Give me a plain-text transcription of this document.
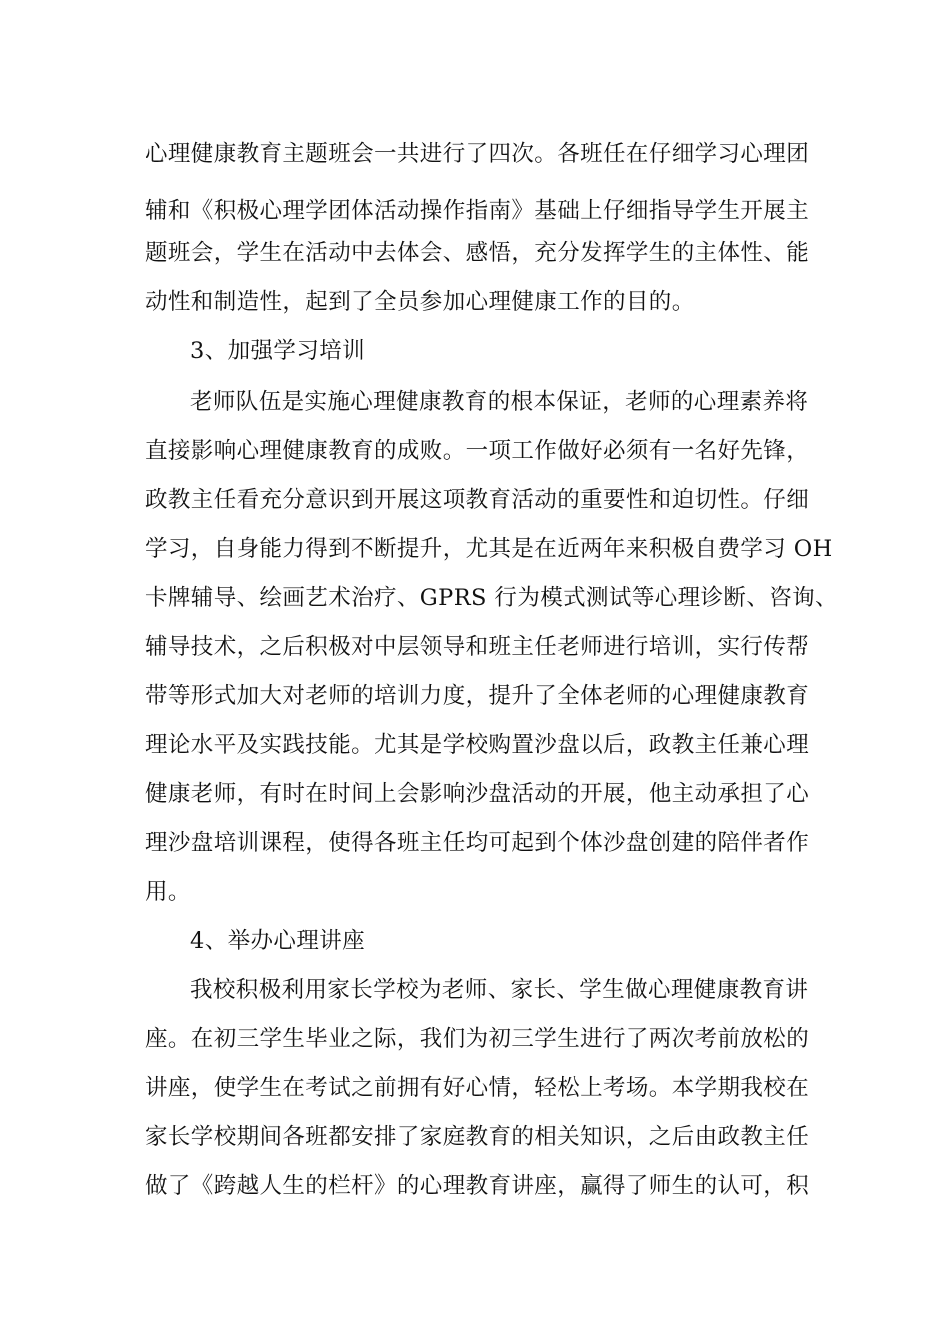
心理健康教育主题班会一共进行了四次。各班任在仔细学习心理团
辅和《积极心理学团体活动操作指南》基础上仔细指导学生开展主
题班会，学生在活动中去体会、感悟，充分发挥学生的主体性、能
动性和制造性，起到了全员参加心理健康工作的目的。
3、加强学习培训
老师队伍是实施心理健康教育的根本保证，老师的心理素养将
直接影响心理健康教育的成败。一项工作做好必须有一名好先锋，
政教主任看充分意识到开展这项教育活动的重要性和迫切性。仔细
学习，自身能力得到不断提升，尤其是在近两年来积极自费学习 OH
卡牌辅导、绘画艺术治疗、GPRS 行为模式测试等心理诊断、咨询、
辅导技术，之后积极对中层领导和班主任老师进行培训，实行传帮
带等形式加大对老师的培训力度，提升了全体老师的心理健康教育
理论水平及实践技能。尤其是学校购置沙盘以后，政教主任兼心理
健康老师，有时在时间上会影响沙盘活动的开展，他主动承担了心
理沙盘培训课程，使得各班主任均可起到个体沙盘创建的陪伴者作
用。
4、举办心理讲座
我校积极利用家长学校为老师、家长、学生做心理健康教育讲
座。在初三学生毕业之际，我们为初三学生进行了两次考前放松的
讲座，使学生在考试之前拥有好心情，轻松上考场。本学期我校在
家长学校期间各班都安排了家庭教育的相关知识，之后由政教主任
做了《跨越人生的栏杆》的心理教育讲座，赢得了师生的认可，积
